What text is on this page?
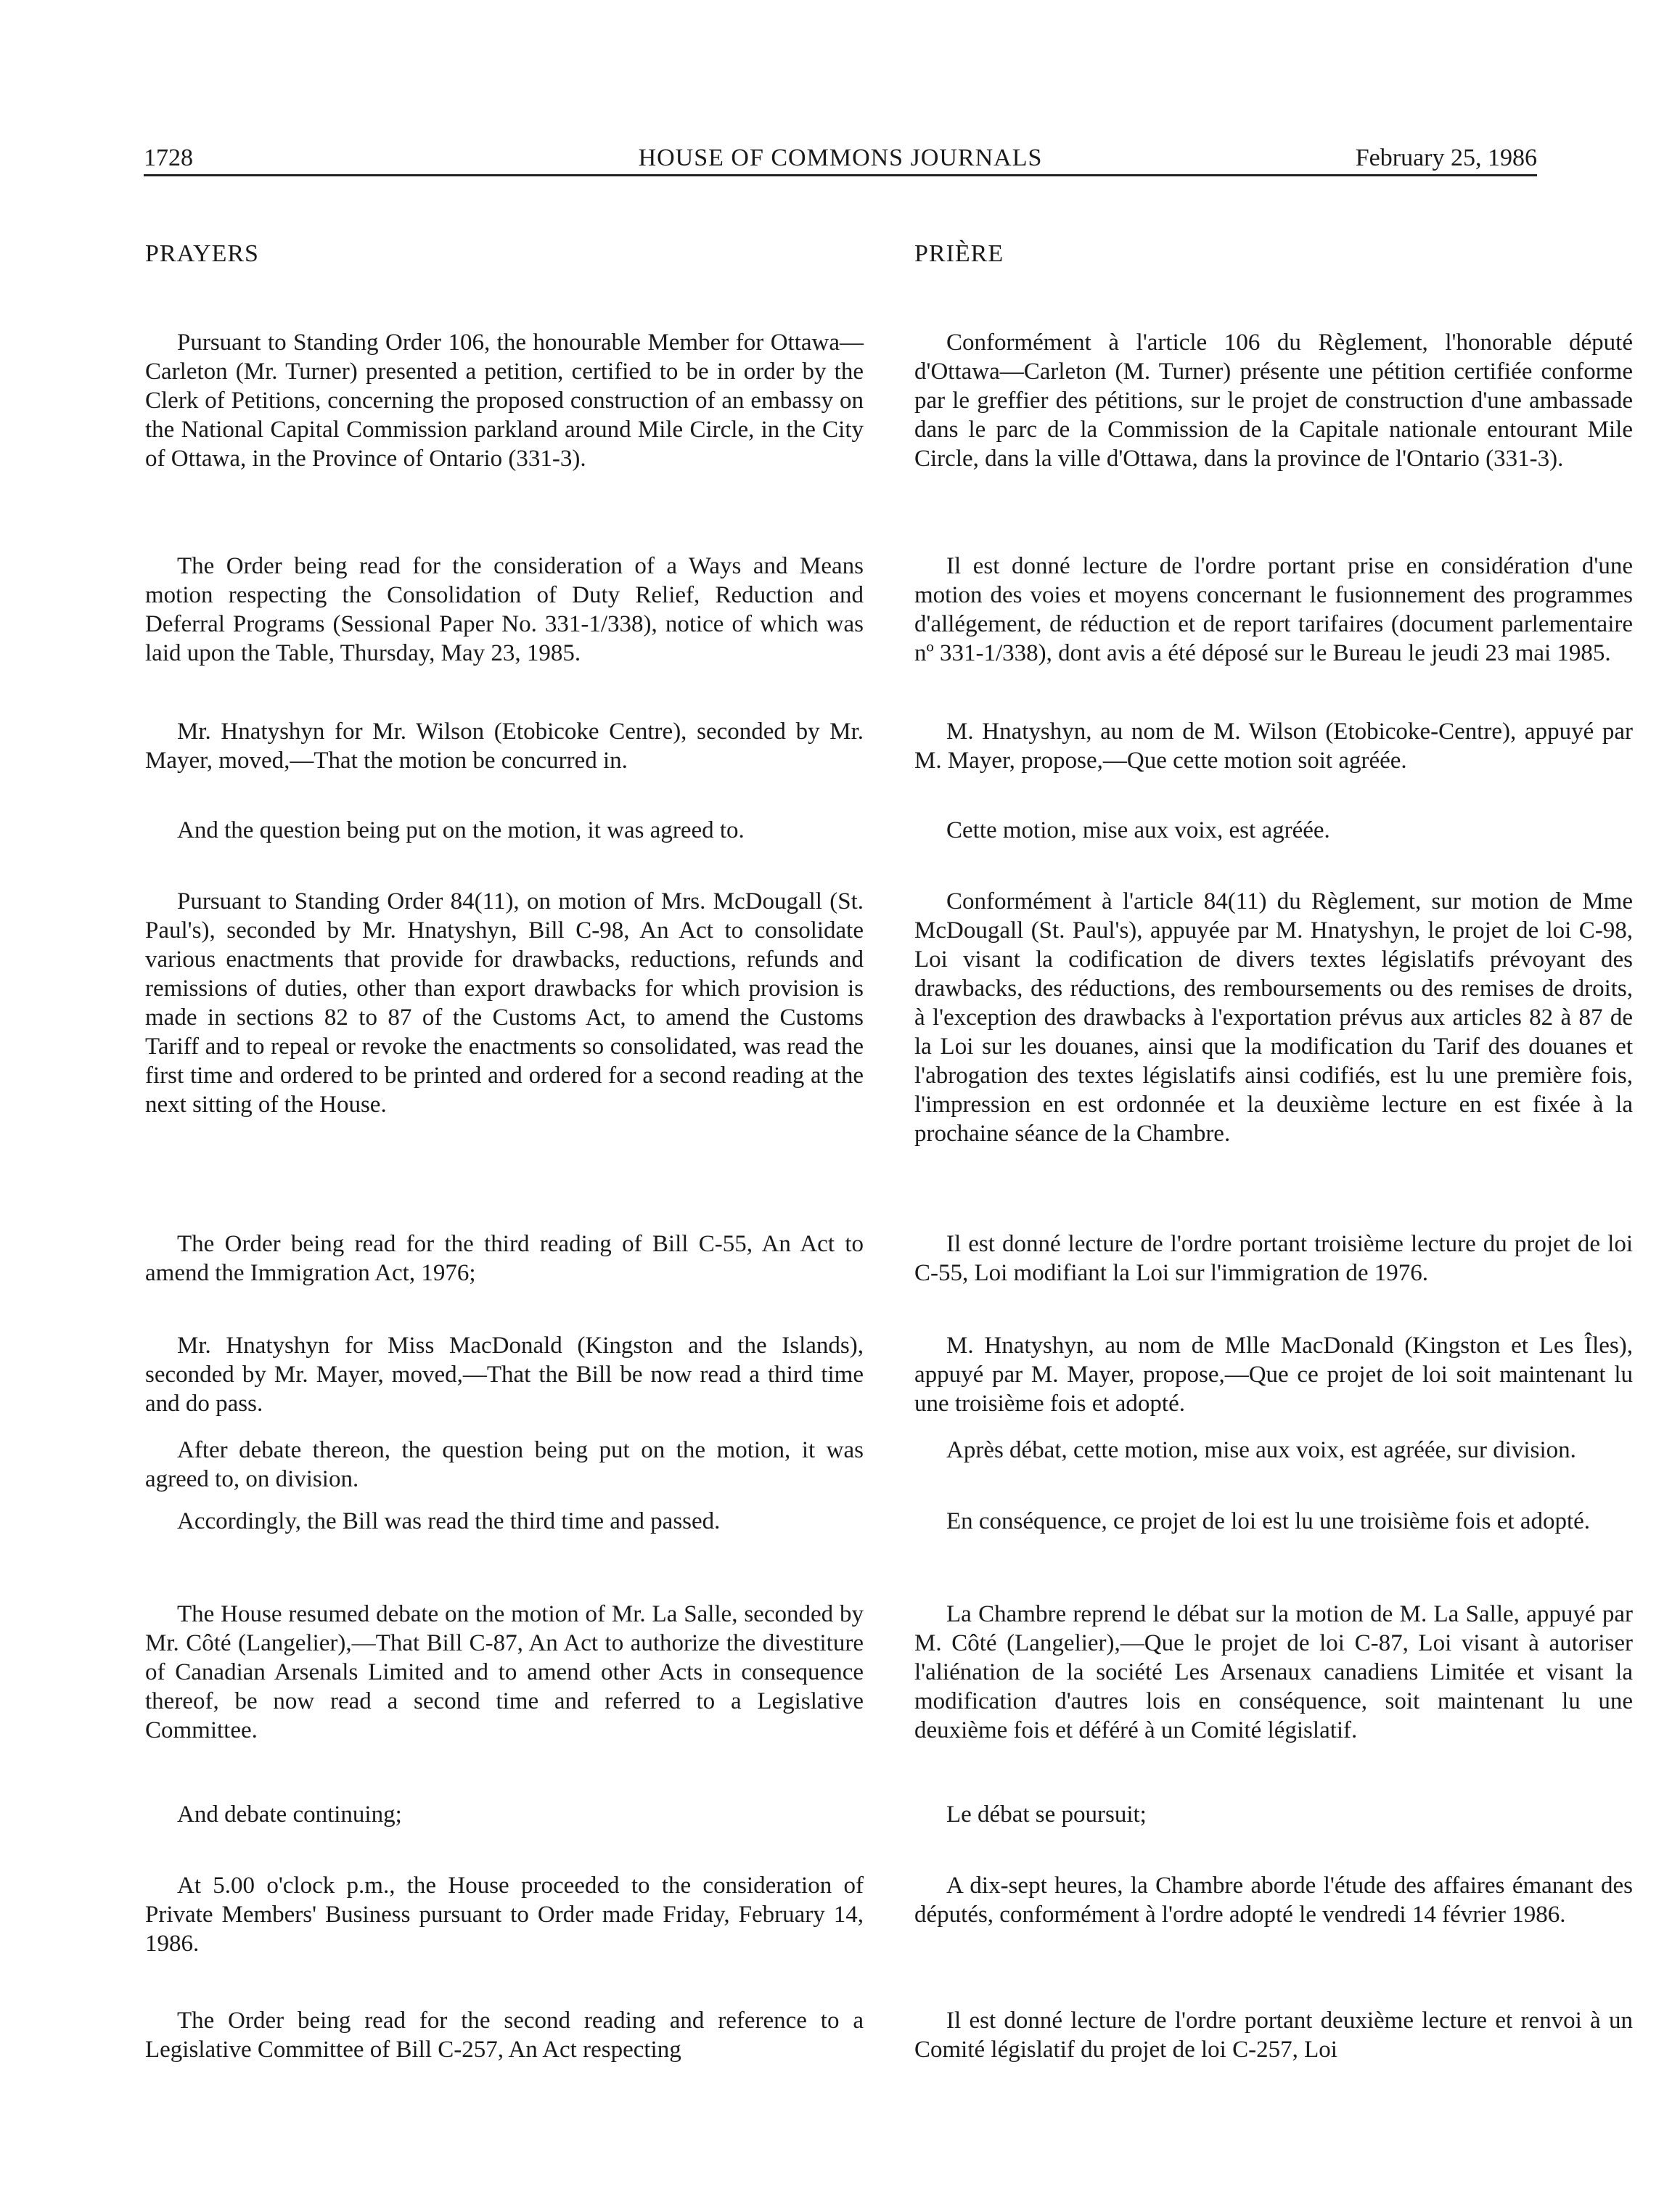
1728	HOUSE OF COMMONS JOURNALS	February 25, 1986
PRAYERS

Pursuant to Standing Order 106, the honourable Member for Ottawa—Carleton (Mr. Turner) presented a petition, certified to be in order by the Clerk of Petitions, concerning the proposed construction of an embassy on the National Capital Commission parkland around Mile Circle, in the City of Ottawa, in the Province of Ontario (331-3).

The Order being read for the consideration of a Ways and Means motion respecting the Consolidation of Duty Relief, Reduction and Deferral Programs (Sessional Paper No. 331-1/338), notice of which was laid upon the Table, Thursday, May 23, 1985.

Mr. Hnatyshyn for Mr. Wilson (Etobicoke Centre), seconded by Mr. Mayer, moved,—That the motion be concurred in.

And the question being put on the motion, it was agreed to.

Pursuant to Standing Order 84(11), on motion of Mrs. McDougall (St. Paul's), seconded by Mr. Hnatyshyn, Bill C-98, An Act to consolidate various enactments that provide for drawbacks, reductions, refunds and remissions of duties, other than export drawbacks for which provision is made in sections 82 to 87 of the Customs Act, to amend the Customs Tariff and to repeal or revoke the enactments so consolidated, was read the first time and ordered to be printed and ordered for a second reading at the next sitting of the House.

The Order being read for the third reading of Bill C-55, An Act to amend the Immigration Act, 1976;

Mr. Hnatyshyn for Miss MacDonald (Kingston and the Islands), seconded by Mr. Mayer, moved,—That the Bill be now read a third time and do pass.

After debate thereon, the question being put on the motion, it was agreed to, on division.

Accordingly, the Bill was read the third time and passed.

The House resumed debate on the motion of Mr. La Salle, seconded by Mr. Côté (Langelier),—That Bill C-87, An Act to authorize the divestiture of Canadian Arsenals Limited and to amend other Acts in consequence thereof, be now read a second time and referred to a Legislative Committee.

And debate continuing;

At 5.00 o'clock p.m., the House proceeded to the consideration of Private Members' Business pursuant to Order made Friday, February 14, 1986.

The Order being read for the second reading and reference to a Legislative Committee of Bill C-257, An Act respecting

PRIÈRE

Conformément à l'article 106 du Règlement, l'honorable député d'Ottawa—Carleton (M. Turner) présente une pétition certifiée conforme par le greffier des pétitions, sur le projet de construction d'une ambassade dans le parc de la Commission de la Capitale nationale entourant Mile Circle, dans la ville d'Ottawa, dans la province de l'Ontario (331-3).

Il est donné lecture de l'ordre portant prise en considération d'une motion des voies et moyens concernant le fusionnement des programmes d'allégement, de réduction et de report tarifaires (document parlementaire nº 331-1/338), dont avis a été déposé sur le Bureau le jeudi 23 mai 1985.

M. Hnatyshyn, au nom de M. Wilson (Etobicoke-Centre), appuyé par M. Mayer, propose,—Que cette motion soit agréée.

Cette motion, mise aux voix, est agréée.

Conformément à l'article 84(11) du Règlement, sur motion de Mme McDougall (St. Paul's), appuyée par M. Hnatyshyn, le projet de loi C-98, Loi visant la codification de divers textes législatifs prévoyant des drawbacks, des réductions, des remboursements ou des remises de droits, à l'exception des drawbacks à l'exportation prévus aux articles 82 à 87 de la Loi sur les douanes, ainsi que la modification du Tarif des douanes et l'abrogation des textes législatifs ainsi codifiés, est lu une première fois, l'impression en est ordonnée et la deuxième lecture en est fixée à la prochaine séance de la Chambre.

Il est donné lecture de l'ordre portant troisième lecture du projet de loi C-55, Loi modifiant la Loi sur l'immigration de 1976.

M. Hnatyshyn, au nom de Mlle MacDonald (Kingston et Les Îles), appuyé par M. Mayer, propose,—Que ce projet de loi soit maintenant lu une troisième fois et adopté.

Après débat, cette motion, mise aux voix, est agréée, sur division.

En conséquence, ce projet de loi est lu une troisième fois et adopté.

La Chambre reprend le débat sur la motion de M. La Salle, appuyé par M. Côté (Langelier),—Que le projet de loi C-87, Loi visant à autoriser l'aliénation de la société Les Arsenaux canadiens Limitée et visant la modification d'autres lois en conséquence, soit maintenant lu une deuxième fois et déféré à un Comité législatif.

Le débat se poursuit;

A dix-sept heures, la Chambre aborde l'étude des affaires émanant des députés, conformément à l'ordre adopté le vendredi 14 février 1986.

Il est donné lecture de l'ordre portant deuxième lecture et renvoi à un Comité législatif du projet de loi C-257, Loi
